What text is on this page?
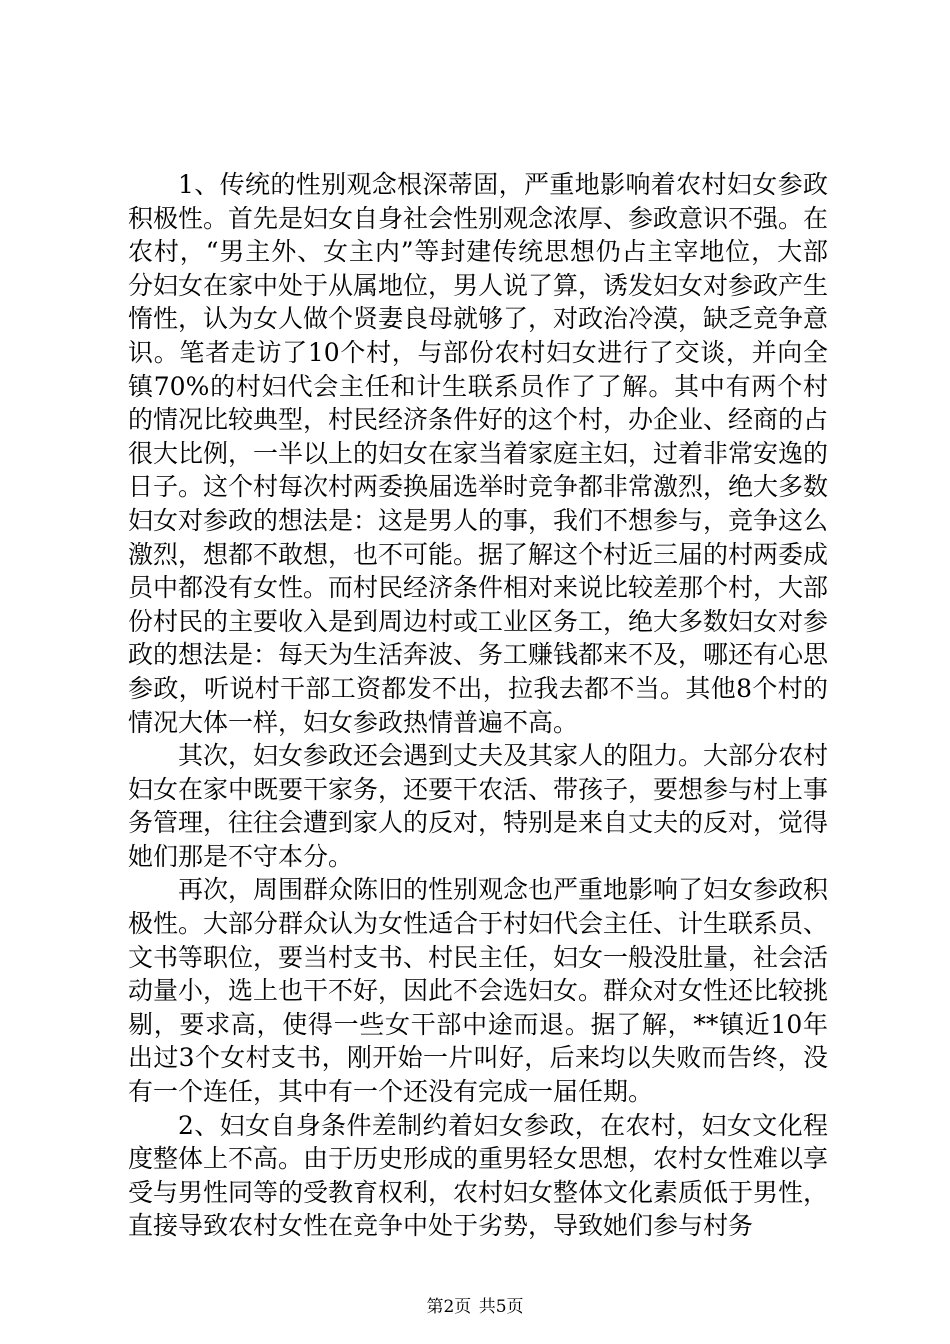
1、传统的性别观念根深蒂固，严重地影响着农村妇女参政积极性。首先是妇女自身社会性别观念浓厚、参政意识不强。在农村，“男主外、女主内”等封建传统思想仍占主宰地位，大部分妇女在家中处于从属地位，男人说了算，诱发妇女对参政产生惰性，认为女人做个贤妻良母就够了，对政治冷漠，缺乏竞争意识。笔者走访了10个村，与部份农村妇女进行了交谈，并向全镇70%的村妇代会主任和计生联系员作了了解。其中有两个村的情况比较典型，村民经济条件好的这个村，办企业、经商的占很大比例，一半以上的妇女在家当着家庭主妇，过着非常安逸的日子。这个村每次村两委换届选举时竞争都非常激烈，绝大多数妇女对参政的想法是：这是男人的事，我们不想参与，竞争这么激烈，想都不敢想，也不可能。据了解这个村近三届的村两委成员中都没有女性。而村民经济条件相对来说比较差那个村，大部份村民的主要收入是到周边村或工业区务工，绝大多数妇女对参政的想法是：每天为生活奔波、务工赚钱都来不及，哪还有心思参政，听说村干部工资都发不出，拉我去都不当。其他8个村的情况大体一样，妇女参政热情普遍不高。

其次，妇女参政还会遇到丈夫及其家人的阻力。大部分农村妇女在家中既要干家务，还要干农活、带孩子，要想参与村上事务管理，往往会遭到家人的反对，特别是来自丈夫的反对，觉得她们那是不守本分。

再次，周围群众陈旧的性别观念也严重地影响了妇女参政积极性。大部分群众认为女性适合于村妇代会主任、计生联系员、文书等职位，要当村支书、村民主任，妇女一般没肚量，社会活动量小，选上也干不好，因此不会选妇女。群众对女性还比较挑剔，要求高，使得一些女干部中途而退。据了解，**镇近10年出过3个女村支书，刚开始一片叫好，后来均以失败而告终，没有一个连任，其中有一个还没有完成一届任期。

2、妇女自身条件差制约着妇女参政，在农村，妇女文化程度整体上不高。由于历史形成的重男轻女思想，农村女性难以享受与男性同等的受教育权利，农村妇女整体文化素质低于男性，直接导致农村女性在竞争中处于劣势，导致她们参与村务

第2页 共5页
